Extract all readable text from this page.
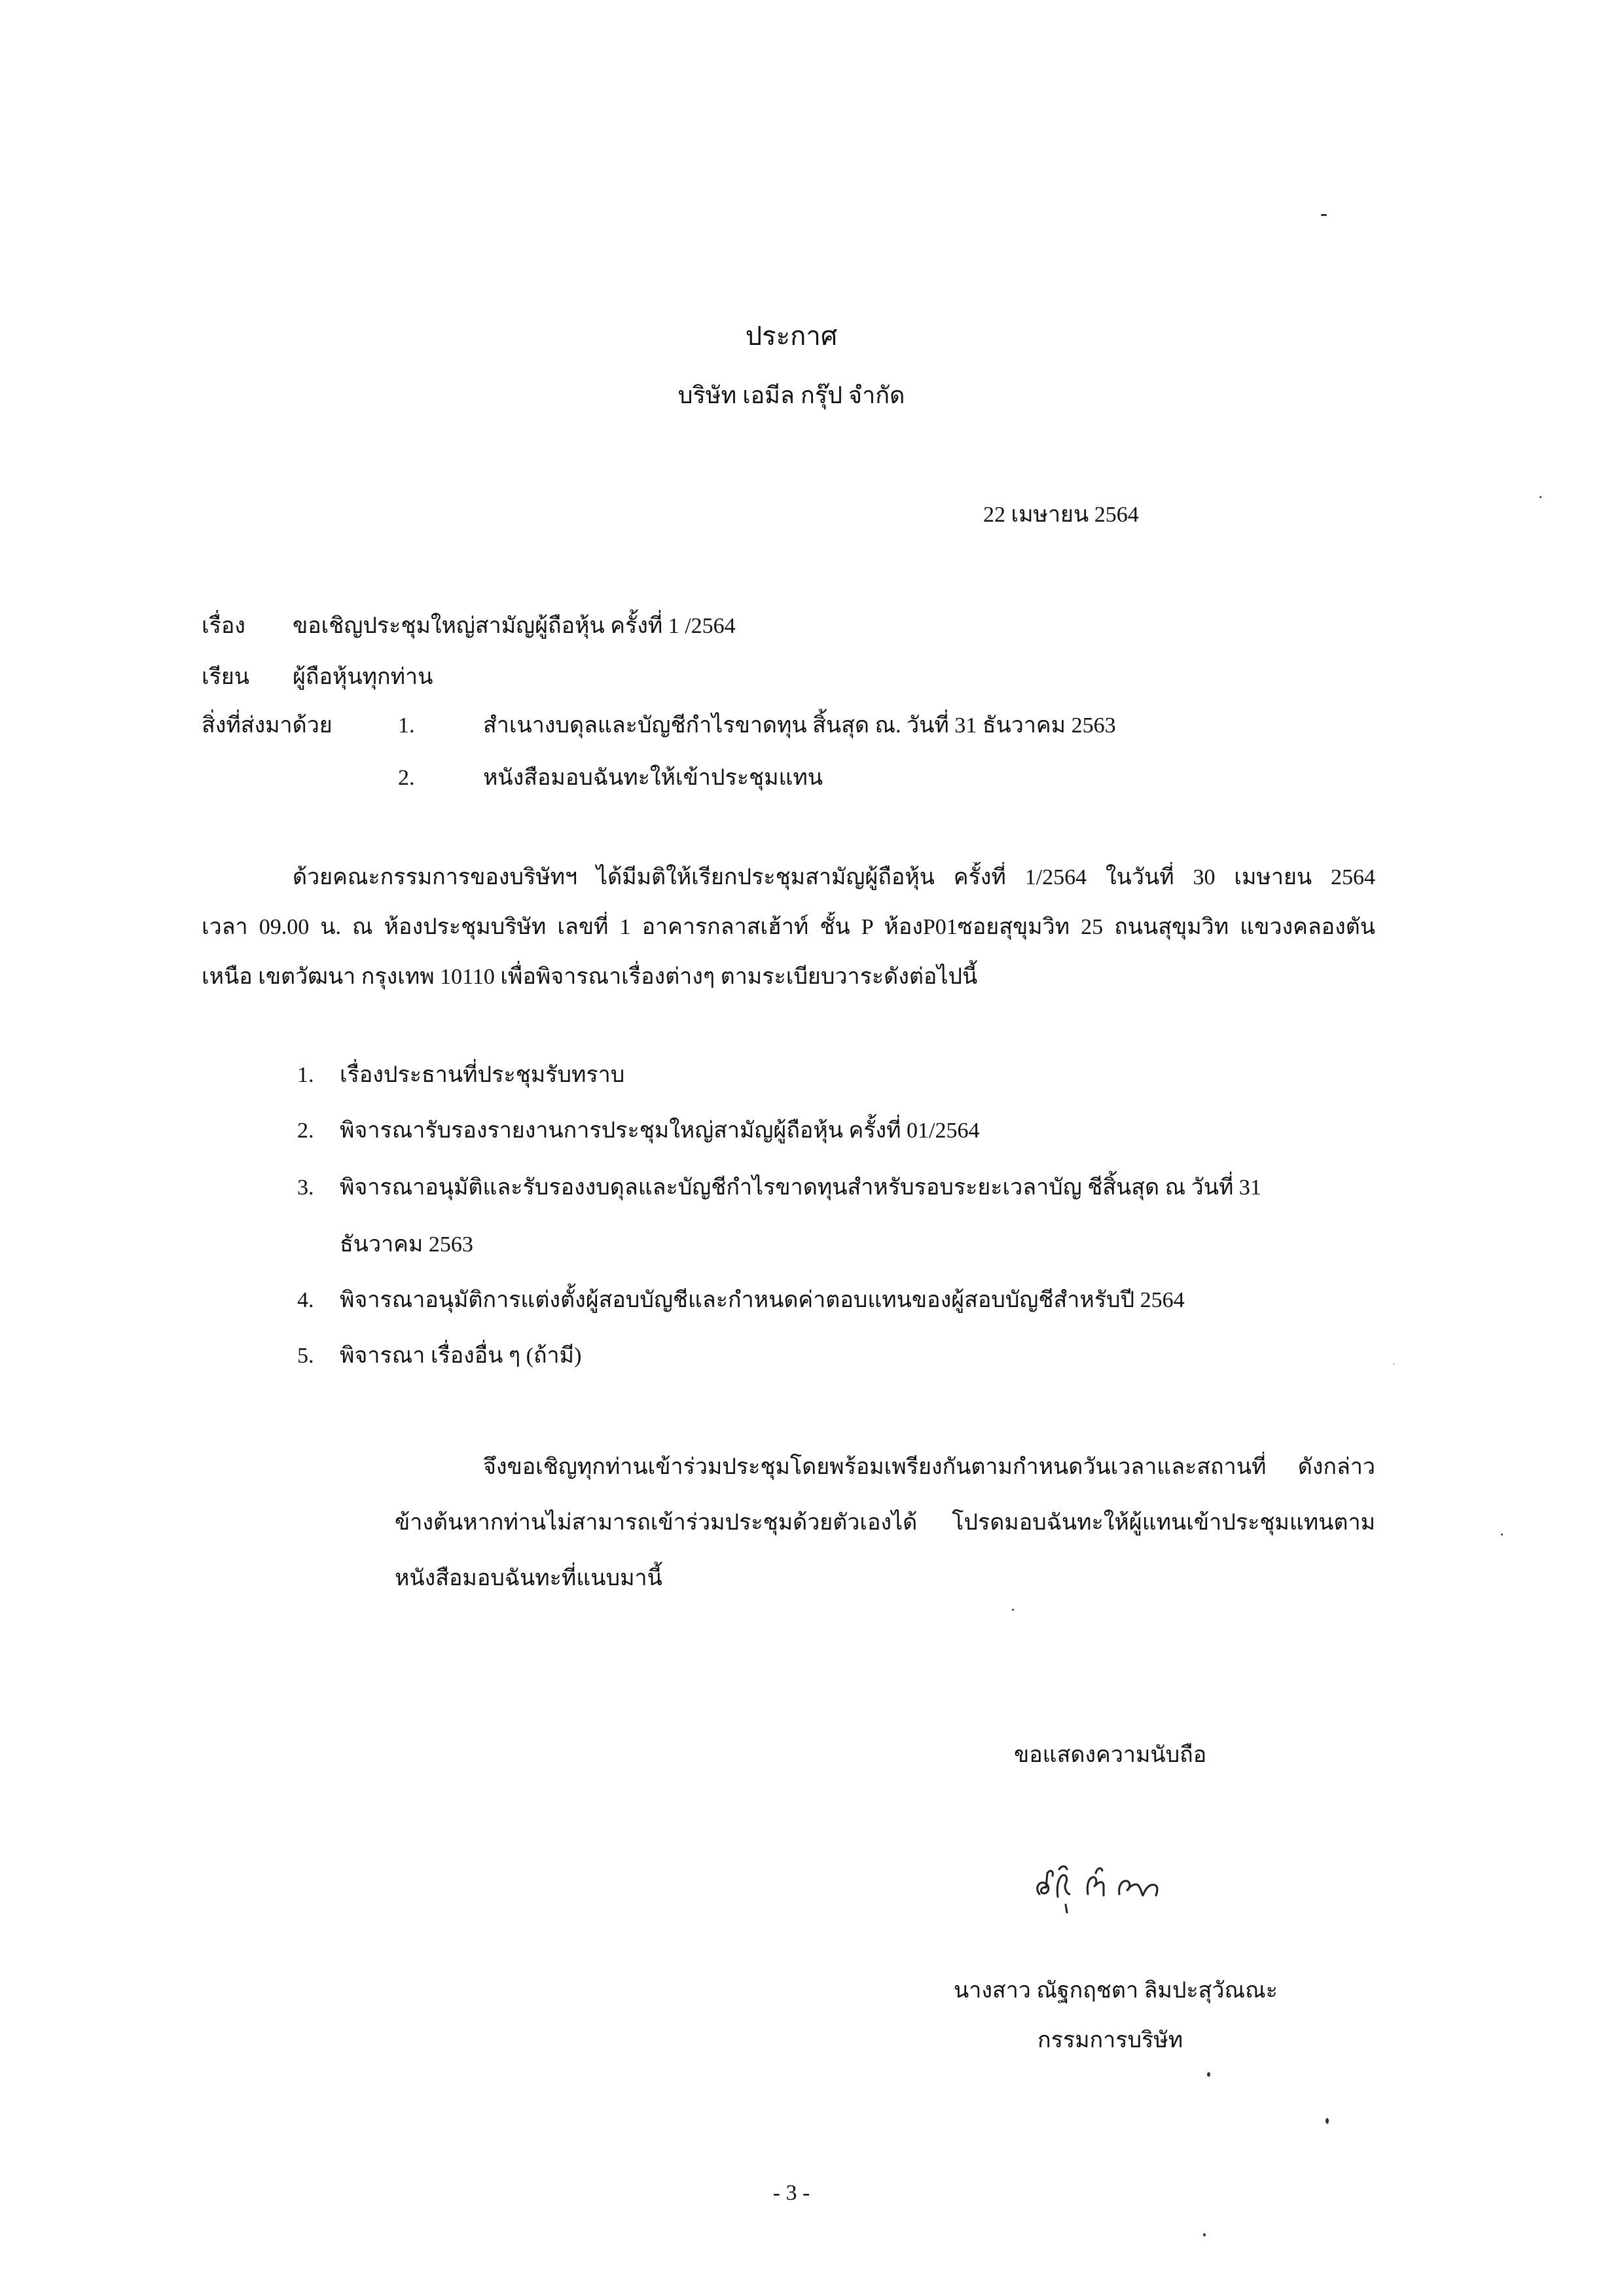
ประกาศ
บริษัท เอมีล กรุ๊ป จำกัด
22 เมษายน 2564
เรื่อง ขอเชิญประชุมใหญ่สามัญผู้ถือหุ้น ครั้งที่ 1 /2564
เรียน ผู้ถือหุ้นทุกท่าน
สิ่งที่ส่งมาด้วย	1.	สำเนางบดุลและบัญชีกำไรขาดทุน สิ้นสุด ณ. วันที่ 31 ธันวาคม 2563
2.	หนังสือมอบฉันทะให้เข้าประชุมแทน
ด้วยคณะกรรมการของบริษัทฯ ได้มีมติให้เรียกประชุมสามัญผู้ถือหุ้น ครั้งที่ 1/2564 ในวันที่ 30 เมษายน 2564
เวลา 09.00 น. ณ ห้องประชุมบริษัท เลขที่ 1 อาคารกลาสเฮ้าท์ ชั้น P ห้องP01ซอยสุขุมวิท 25 ถนนสุขุมวิท แขวงคลองตัน
เหนือ เขตวัฒนา กรุงเทพ 10110 เพื่อพิจารณาเรื่องต่างๆ ตามระเบียบวาระดังต่อไปนี้
1. เรื่องประธานที่ประชุมรับทราบ
2. พิจารณารับรองรายงานการประชุมใหญ่สามัญผู้ถือหุ้น ครั้งที่ 01/2564
3. พิจารณาอนุมัติและรับรองงบดุลและบัญชีกำไรขาดทุนสำหรับรอบระยะเวลาบัญ ชีสิ้นสุด ณ วันที่ 31
ธันวาคม 2563
4. พิจารณาอนุมัติการแต่งตั้งผู้สอบบัญชีและกำหนดค่าตอบแทนของผู้สอบบัญชีสำหรับปี 2564
5. พิจารณา เรื่องอื่น ๆ (ถ้ามี)
จึงขอเชิญทุกท่านเข้าร่วมประชุมโดยพร้อมเพรียงกันตามกำหนดวันเวลาและสถานที่ ดังกล่าว
ข้างต้นหากท่านไม่สามารถเข้าร่วมประชุมด้วยตัวเองได้ โปรดมอบฉันทะให้ผู้แทนเข้าประชุมแทนตาม
หนังสือมอบฉันทะที่แนบมานี้
ขอแสดงความนับถือ
นางสาว ณัฐกฤชตา ลิมปะสุวัณณะ
กรรมการบริษัท
- 3 -
